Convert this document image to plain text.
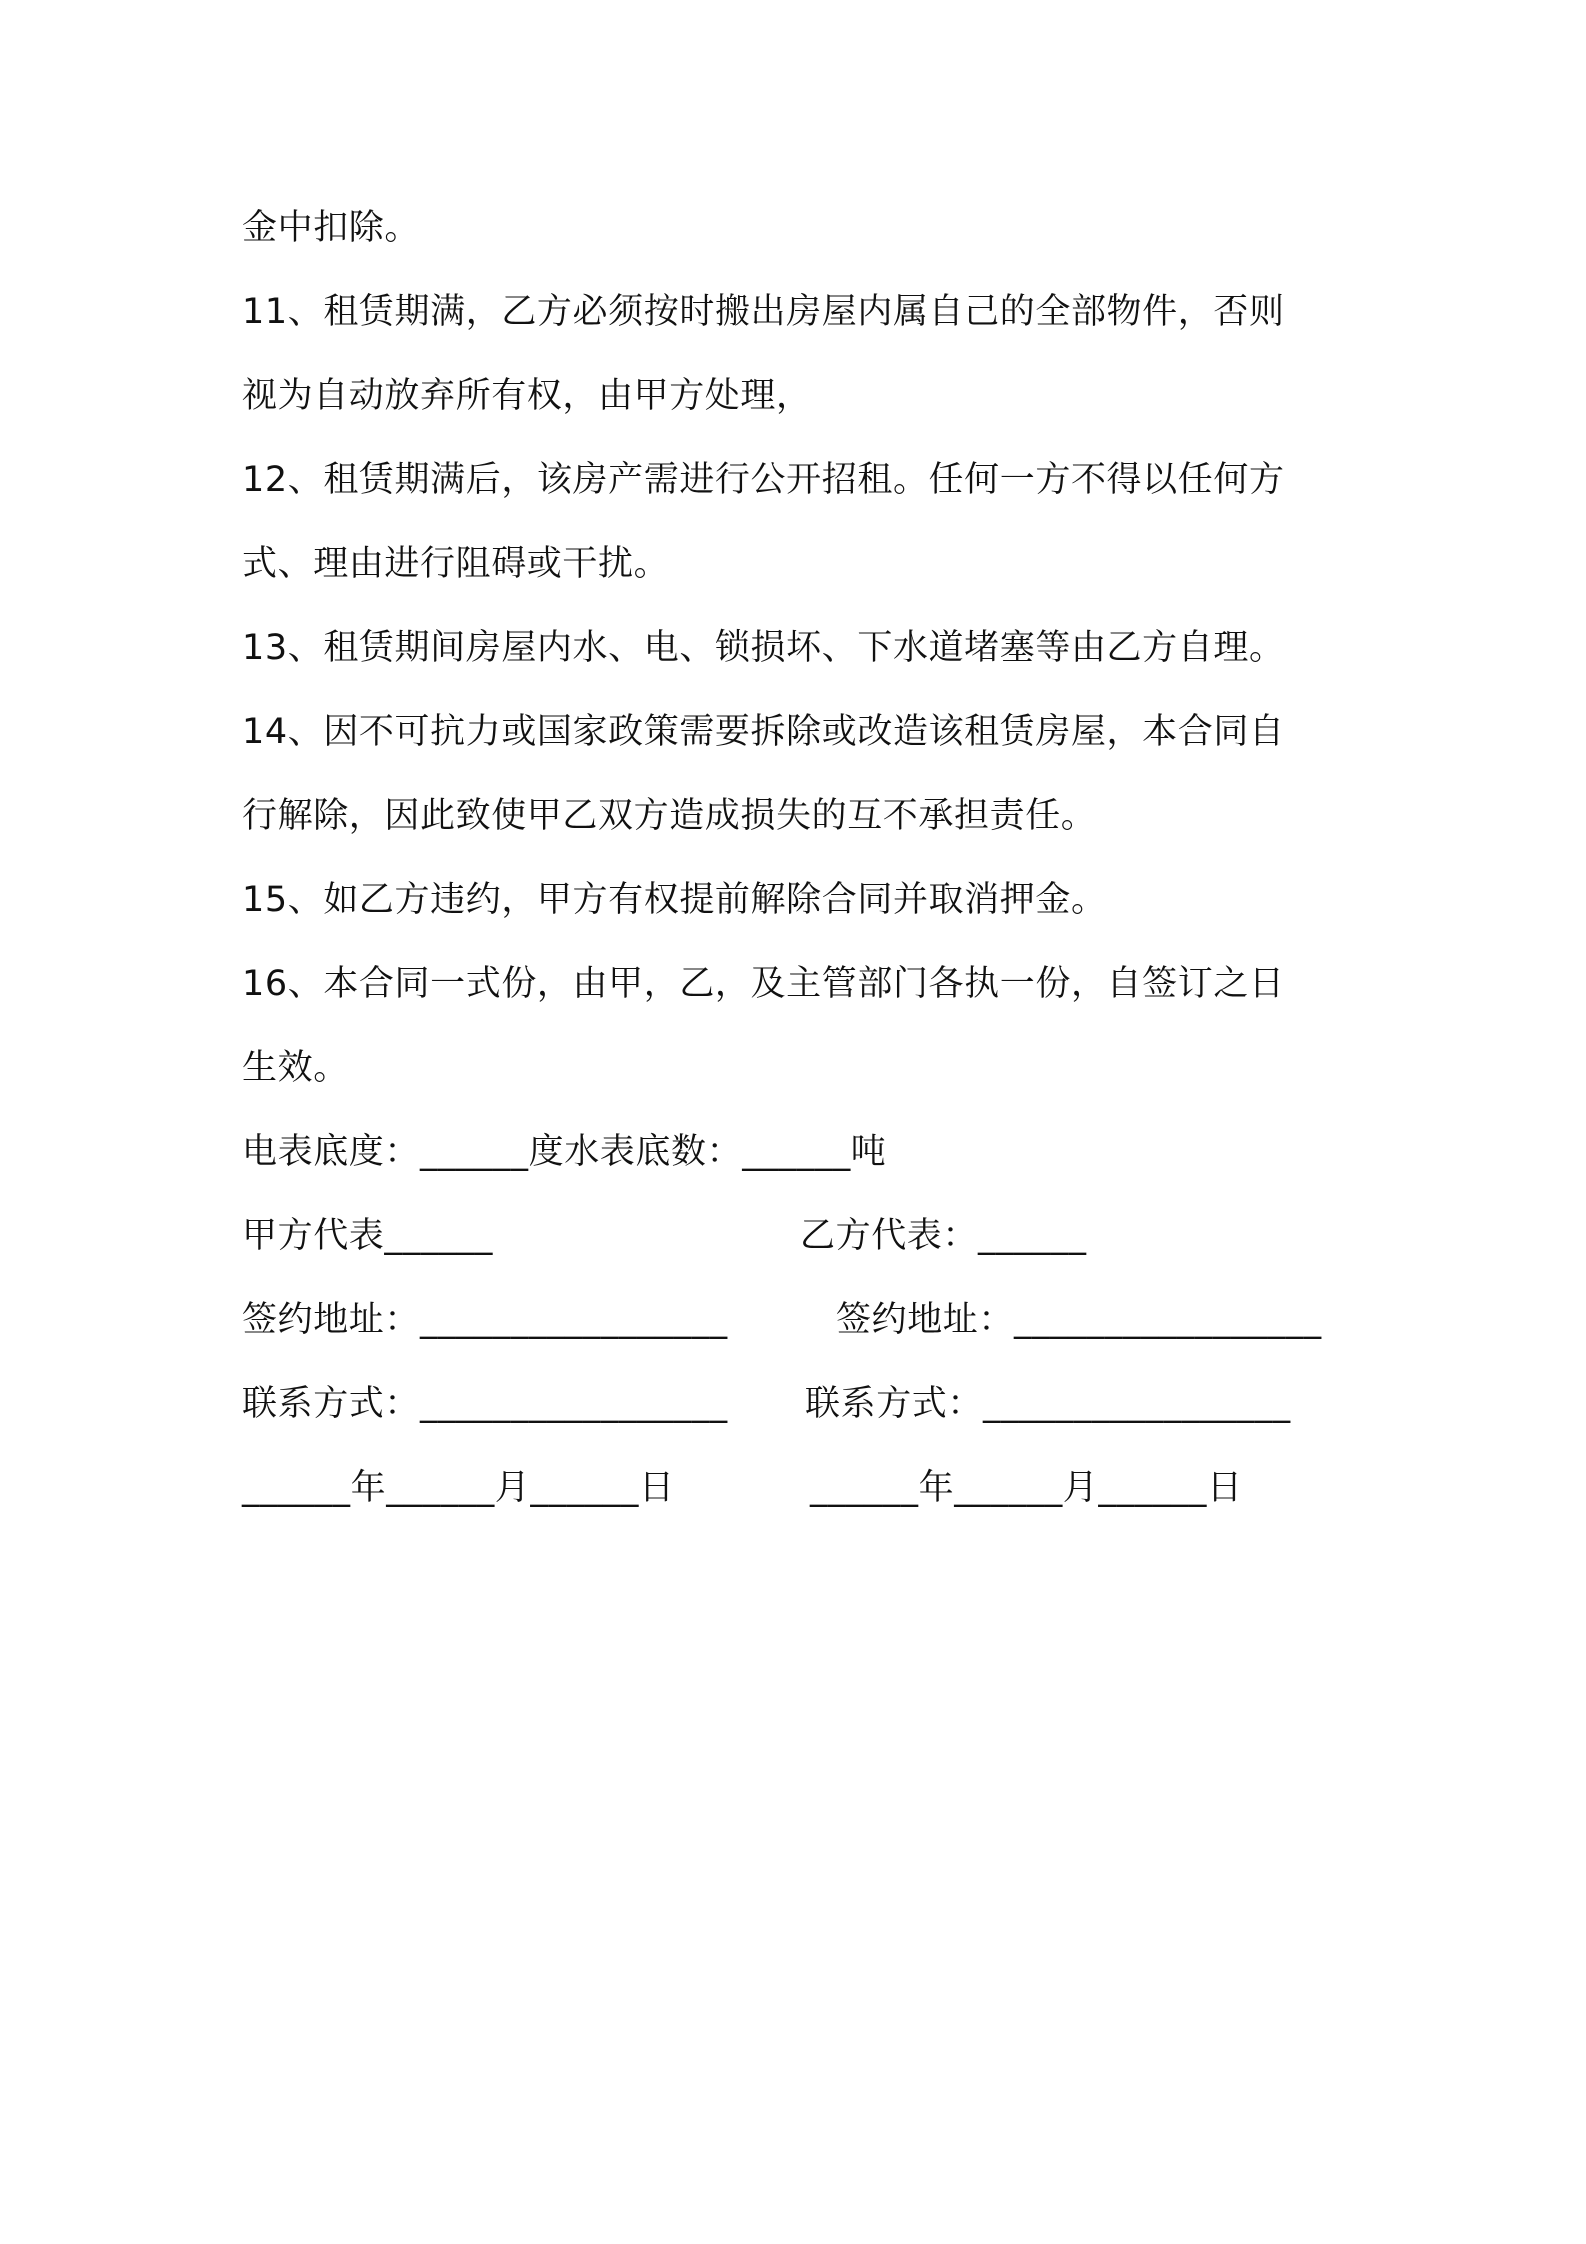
金中扣除。
11、租赁期满，乙方必须按时搬出房屋内属自己的全部物件，否则
视为自动放弃所有权，由甲方处理，
12、租赁期满后，该房产需进行公开招租。任何一方不得以任何方
式、理由进行阻碍或干扰。
13、租赁期间房屋内水、电、锁损坏、下水道堵塞等由乙方自理。
14、因不可抗力或国家政策需要拆除或改造该租赁房屋，本合同自
行解除，因此致使甲乙双方造成损失的互不承担责任。
15、如乙方违约，甲方有权提前解除合同并取消押金。
16、本合同一式份，由甲，乙，及主管部门各执一份，自签订之日
生效。
电表底度：______度水表底数：______吨
甲方代表______	乙方代表：______
签约地址：_________________	签约地址：_________________
联系方式：_________________ 联系方式：_________________
______年______月______日	______年______月______日
